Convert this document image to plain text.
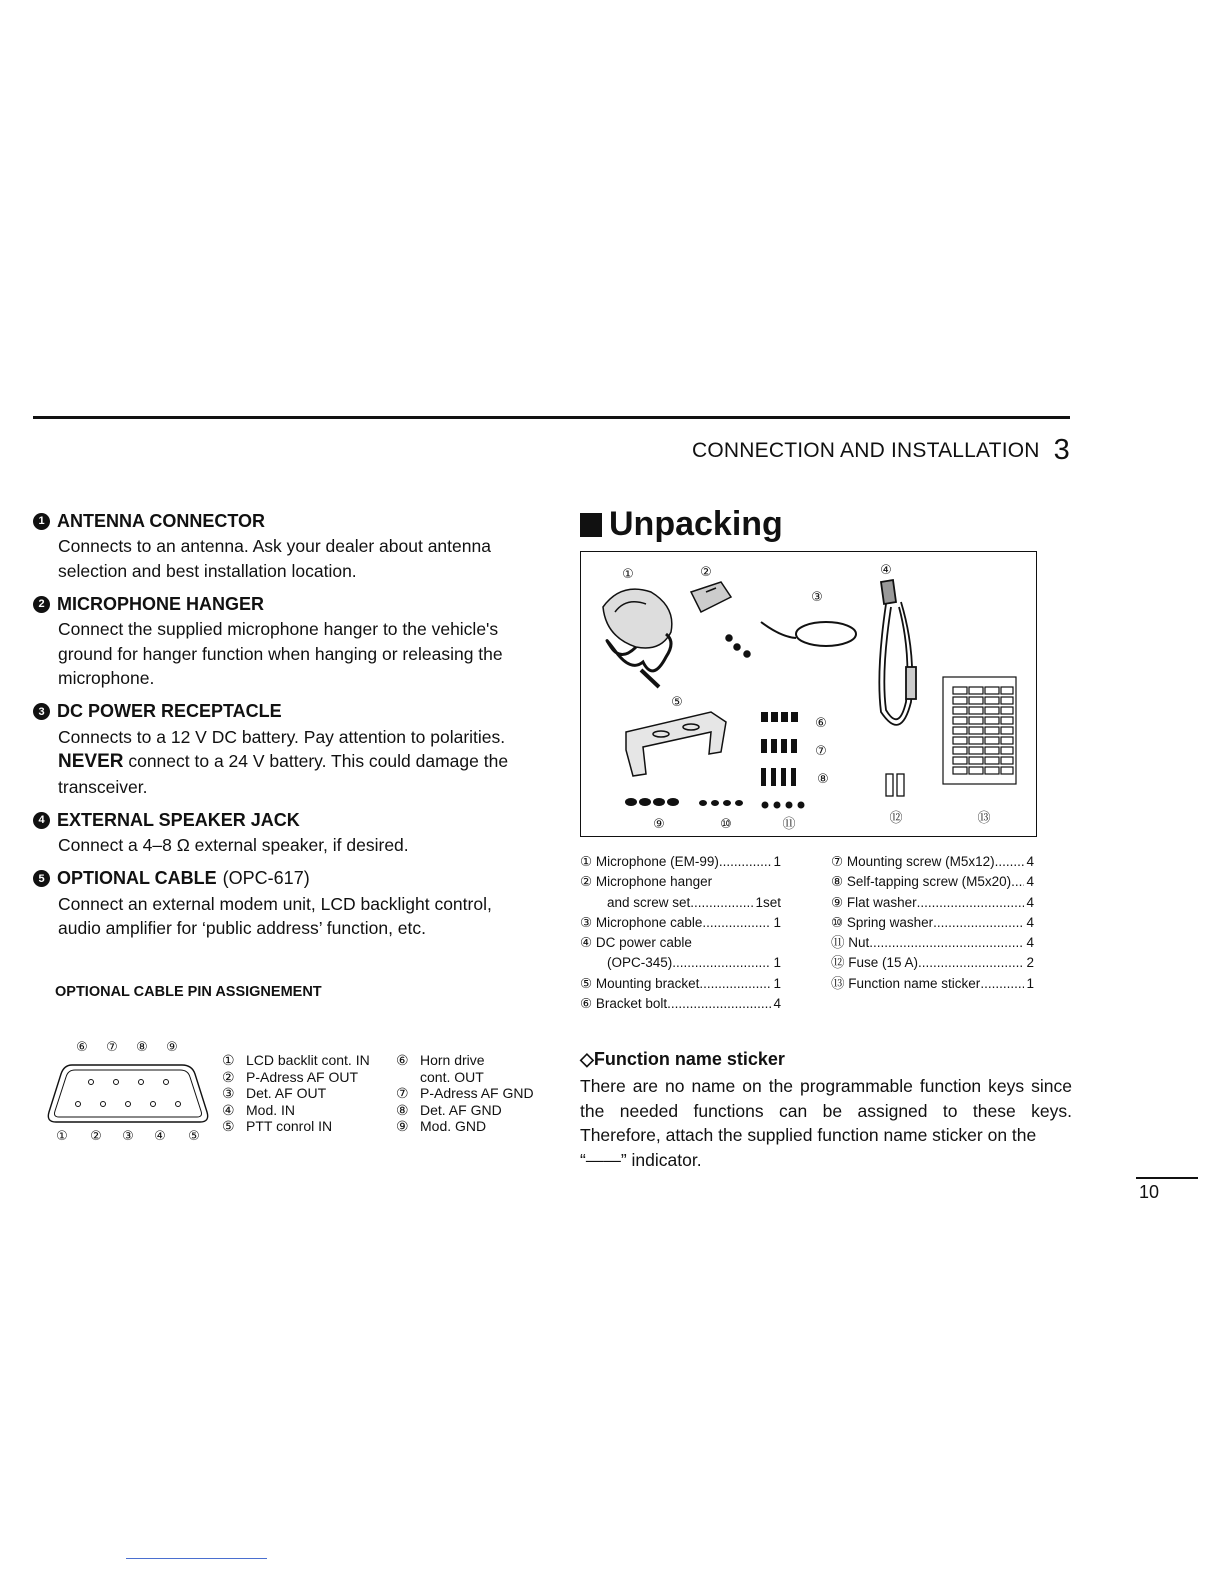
CONNECTION AND INSTALLATION 3
1 ANTENNA CONNECTOR
Connects to an antenna. Ask your dealer about antenna selection and best installation location.
2 MICROPHONE HANGER
Connect the supplied microphone hanger to the vehicle's ground for hanger function when hanging or releasing the microphone.
3 DC POWER RECEPTACLE
Connects to a 12 V DC battery. Pay attention to polarities.
NEVER connect to a 24 V battery. This could damage the transceiver.
4 EXTERNAL SPEAKER JACK
Connect a 4–8 Ω external speaker, if desired.
5 OPTIONAL CABLE (OPC-617)
Connect an external modem unit, LCD backlight control, audio amplifier for ‘public address’ function, etc.
OPTIONAL CABLE PIN ASSIGNEMENT
⑥ ⑦ ⑧ ⑨
① ② ③ ④ ⑤
① LCD backlit cont. IN	⑥ Horn drive
② P-Adress AF OUT	cont. OUT
③ Det. AF OUT	⑦ P-Adress AF GND
④ Mod. IN	⑧ Det. AF GND
⑤ PTT conrol IN	⑨ Mod. GND
Unpacking
①	②
③
④
⑤
⑥
⑦
⑧
⑨	⑩	⑪	⑫	⑬
① Microphone (EM-99) .....	1
② Microphone hanger
and screw set .....	1set
③ Microphone cable .....	1
④ DC power cable
(OPC-345) .....	1
⑤ Mounting bracket .....	1
⑥ Bracket bolt .....	4
⑦ Mounting screw (M5x12) ..... 4
⑧ Self-tapping screw (M5x20) ..... 4
⑨ Flat washer .....	4
⑩ Spring washer .....	4
⑪ Nut .....	4
⑫ Fuse (15 A) .....	2
⑬ Function name sticker .....	1
◇Function name sticker
There are no name on the programmable function keys since the needed functions can be assigned to these keys. Therefore, attach the supplied function name sticker on the
“——” indicator.
10
